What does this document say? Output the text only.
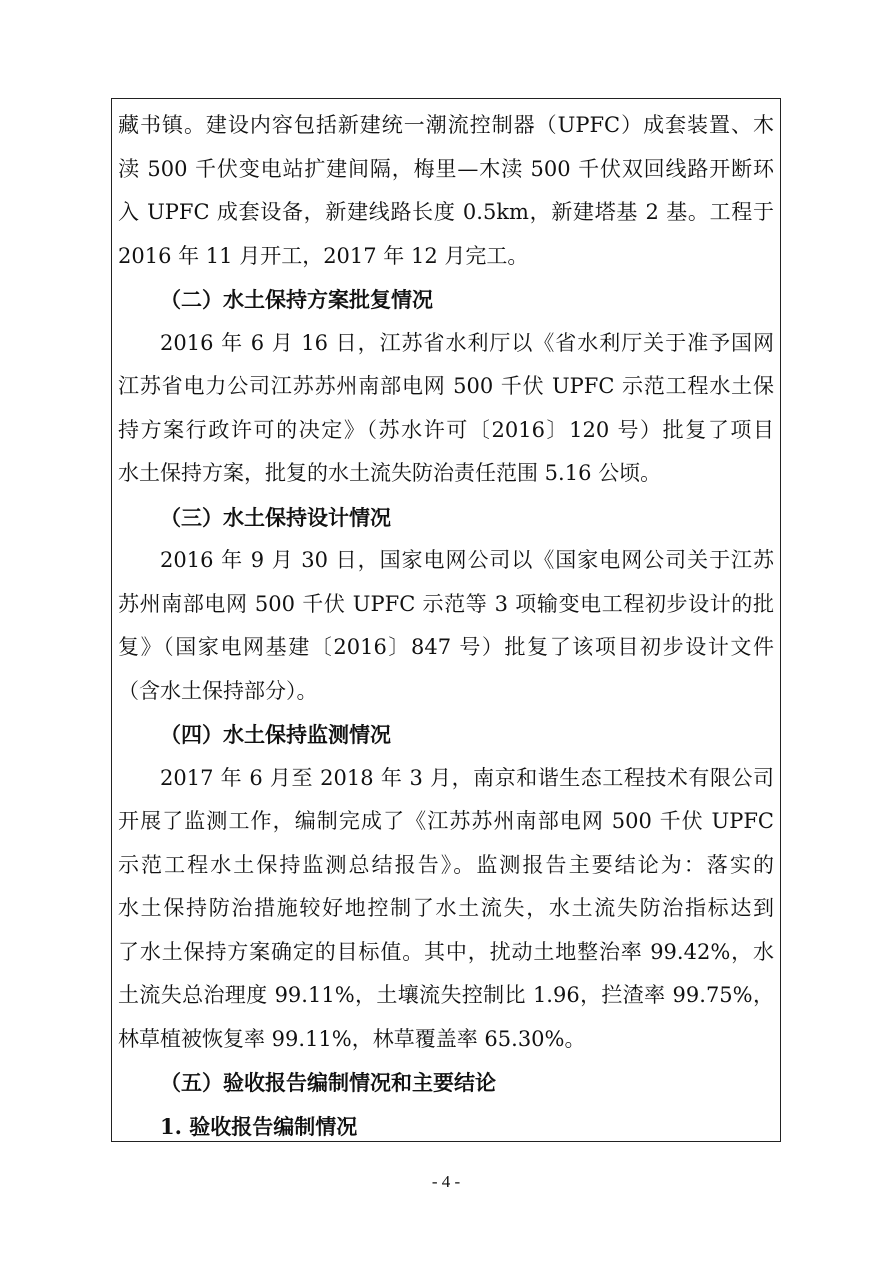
藏书镇。建设内容包括新建统一潮流控制器（UPFC）成套装置、木

渎 500 千伏变电站扩建间隔，梅里—木渎 500 千伏双回线路开断环

入 UPFC 成套设备，新建线路长度 0.5km，新建塔基 2 基。工程于

2016 年 11 月开工，2017 年 12 月完工。

（二）水土保持方案批复情况

2016 年 6 月 16 日，江苏省水利厅以《省水利厅关于准予国网

江苏省电力公司江苏苏州南部电网 500 千伏 UPFC 示范工程水土保

持方案行政许可的决定》（苏水许可〔2016〕120 号）批复了项目

水土保持方案，批复的水土流失防治责任范围 5.16 公顷。

（三）水土保持设计情况

2016 年 9 月 30 日，国家电网公司以《国家电网公司关于江苏

苏州南部电网 500 千伏 UPFC 示范等 3 项输变电工程初步设计的批

复》（国家电网基建〔2016〕847 号）批复了该项目初步设计文件

（含水土保持部分）。

（四）水土保持监测情况

2017 年 6 月至 2018 年 3 月，南京和谐生态工程技术有限公司

开展了监测工作，编制完成了《江苏苏州南部电网 500 千伏 UPFC

示范工程水土保持监测总结报告》。监测报告主要结论为：落实的

水土保持防治措施较好地控制了水土流失，水土流失防治指标达到

了水土保持方案确定的目标值。其中，扰动土地整治率 99.42%，水

土流失总治理度 99.11%，土壤流失控制比 1.96，拦渣率 99.75%，

林草植被恢复率 99.11%，林草覆盖率 65.30%。

（五）验收报告编制情况和主要结论
1. 验收报告编制情况
- 4 -
